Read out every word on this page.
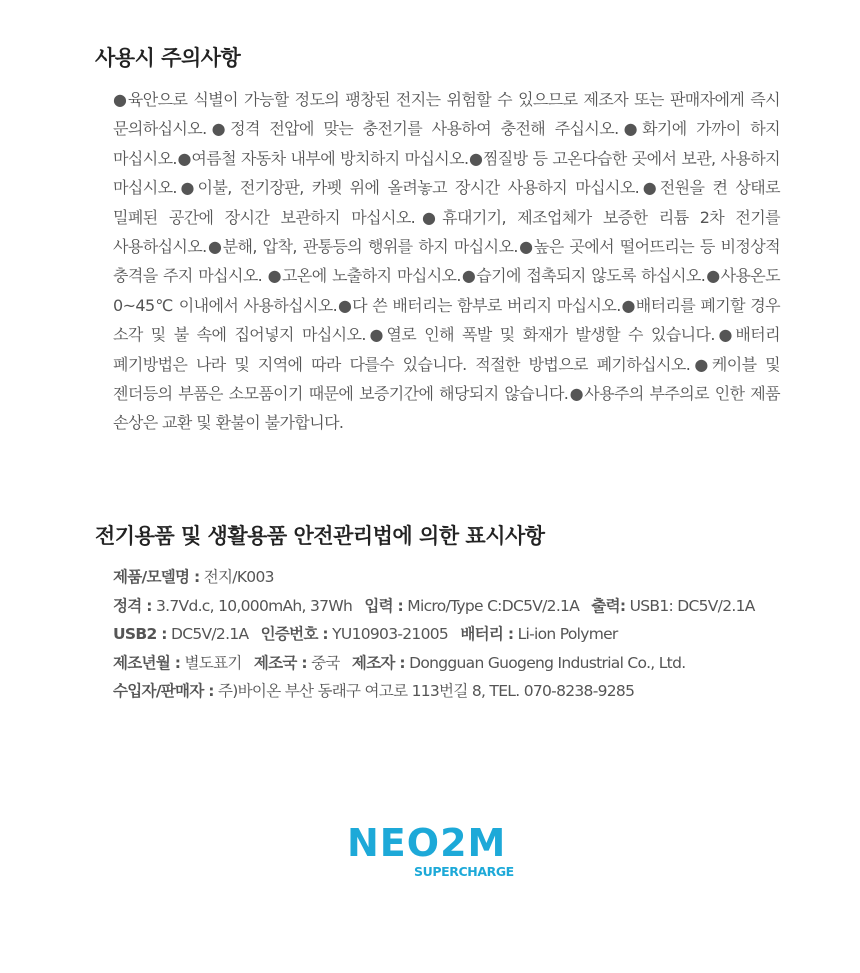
사용시 주의사항

●육안으로 식별이 가능할 정도의 팽창된 전지는 위험할 수 있으므로 제조자 또는 판매자에게 즉시 문의하십시오.●정격 전압에 맞는 충전기를 사용하여 충전해 주십시오.●화기에 가까이 하지 마십시오.●여름철 자동차 내부에 방치하지 마십시오.●찜질방 등 고온다습한 곳에서 보관, 사용하지 마십시오.●이불, 전기장판, 카펫 위에 올려놓고 장시간 사용하지 마십시오.●전원을 켠 상태로 밀폐된 공간에 장시간 보관하지 마십시오.●휴대기기, 제조업체가 보증한 리튬 2차 전기를 사용하십시오.●분해, 압착, 관통등의 행위를 하지 마십시오.●높은 곳에서 떨어뜨리는 등 비정상적 충격을 주지 마십시오. ●고온에 노출하지 마십시오.●습기에 접촉되지 않도록 하십시오.●사용온도 0~45℃ 이내에서 사용하십시오.●다 쓴 배터리는 함부로 버리지 마십시오.●배터리를 폐기할 경우 소각 및 불 속에 집어넣지 마십시오.●열로 인해 폭발 및 화재가 발생할 수 있습니다.●배터리 폐기방법은 나라 및 지역에 따라 다를수 있습니다. 적절한 방법으로 폐기하십시오.●케이블 및 젠더등의 부품은 소모품이기 때문에 보증기간에 해당되지 않습니다.●사용주의 부주의로 인한 제품 손상은 교환 및 환불이 불가합니다.

전기용품 및 생활용품 안전관리법에 의한 표시사항
제품/모델명 : 전지/K003
정격 : 3.7Vd.c, 10,000mAh, 37Wh 입력 : Micro/Type C:DC5V/2.1A 출력: USB1: DC5V/2.1A
USB2 : DC5V/2.1A 인증번호 : YU10903-21005 배터리 : Li-ion Polymer
제조년월 : 별도표기 제조국 : 중국 제조자 : Dongguan Guogeng Industrial Co., Ltd.
수입자/판매자 : 주)바이온 부산 동래구 여고로 113번길 8, TEL. 070-8238-9285
NEO2M
SUPERCHARGE
